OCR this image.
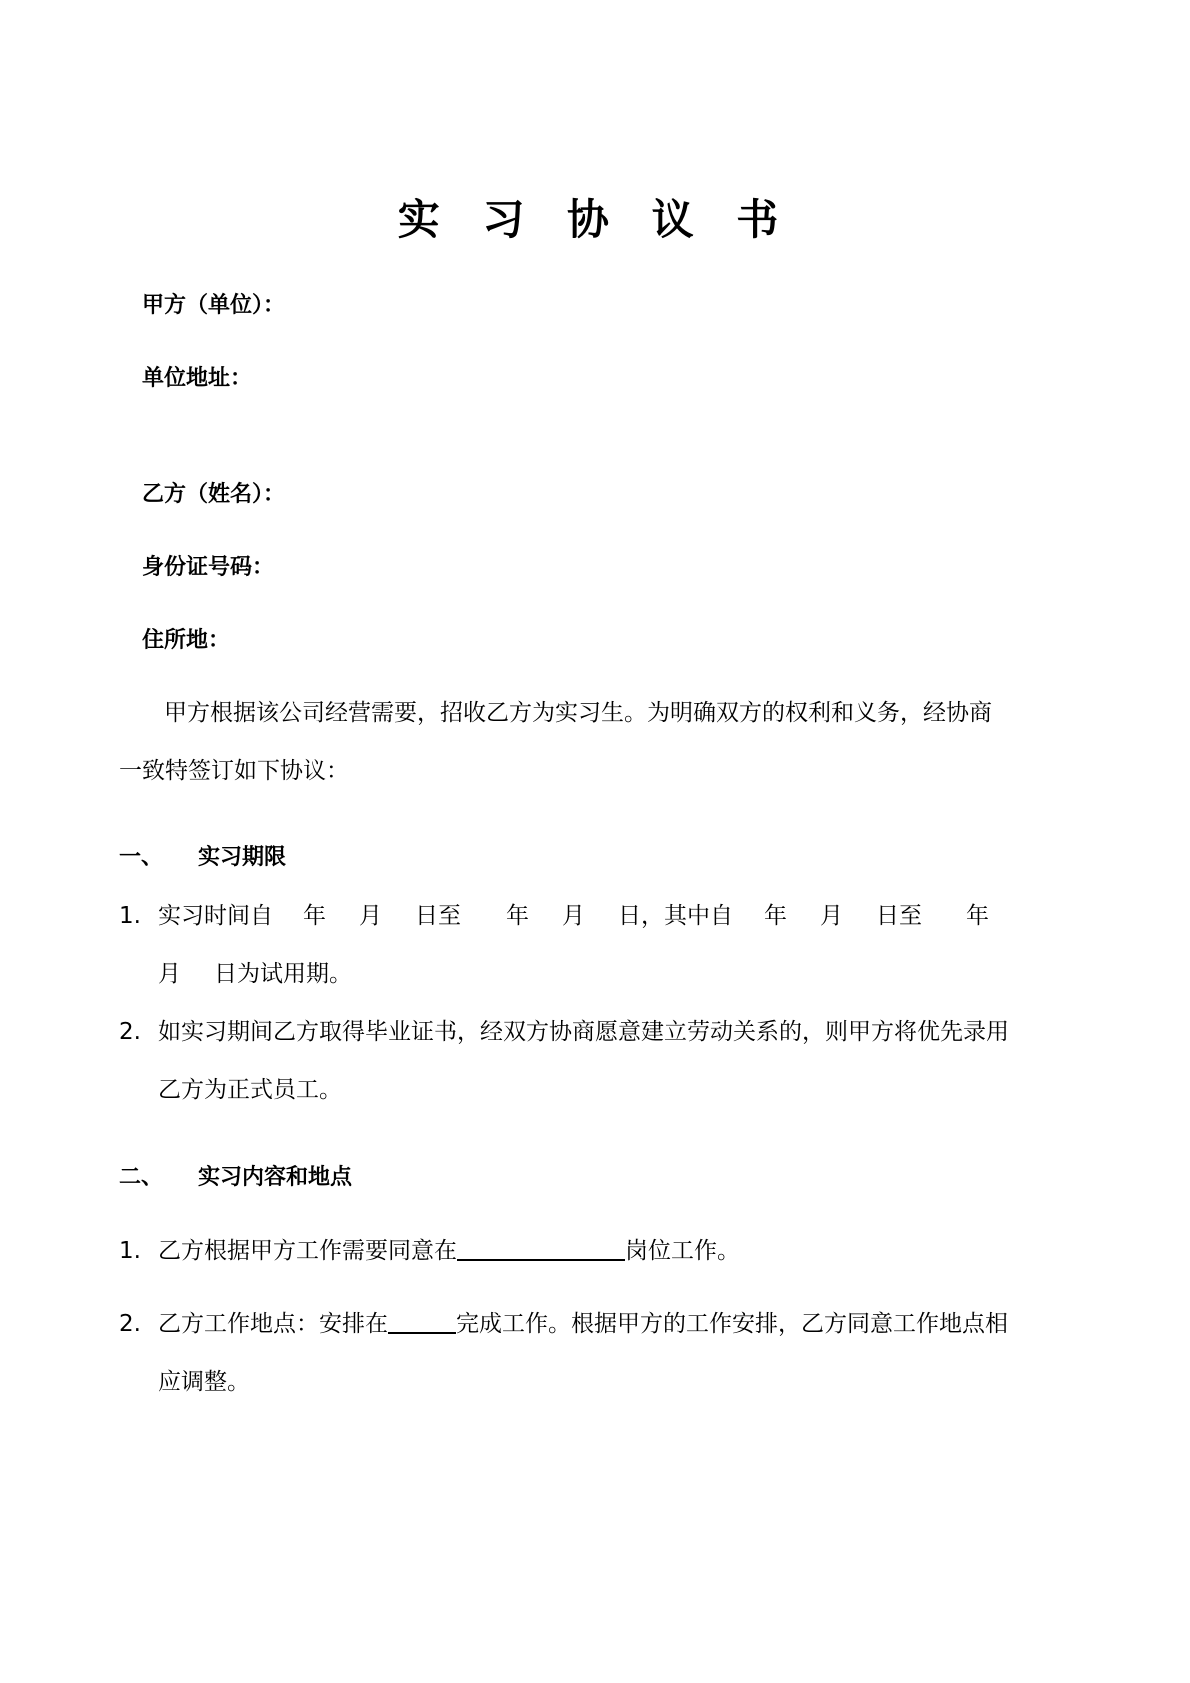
实 习 协 议 书
甲方（单位）：
单位地址：
乙方（姓名）：
身份证号码：
住所地：
甲方根据该公司经营需要，招收乙方为实习生。为明确双方的权利和义务，经协商
一致特签订如下协议：
一、 实习期限
1. 实习时间自 年 月 日至 年 月 日，其中自 年 月 日至 年
月 日为试用期。
2. 如实习期间乙方取得毕业证书，经双方协商愿意建立劳动关系的，则甲方将优先录用
乙方为正式员工。
二、 实习内容和地点
1. 乙方根据甲方工作需要同意在	岗位工作。
2. 乙方工作地点：安排在	完成工作。根据甲方的工作安排，乙方同意工作地点相
应调整。
